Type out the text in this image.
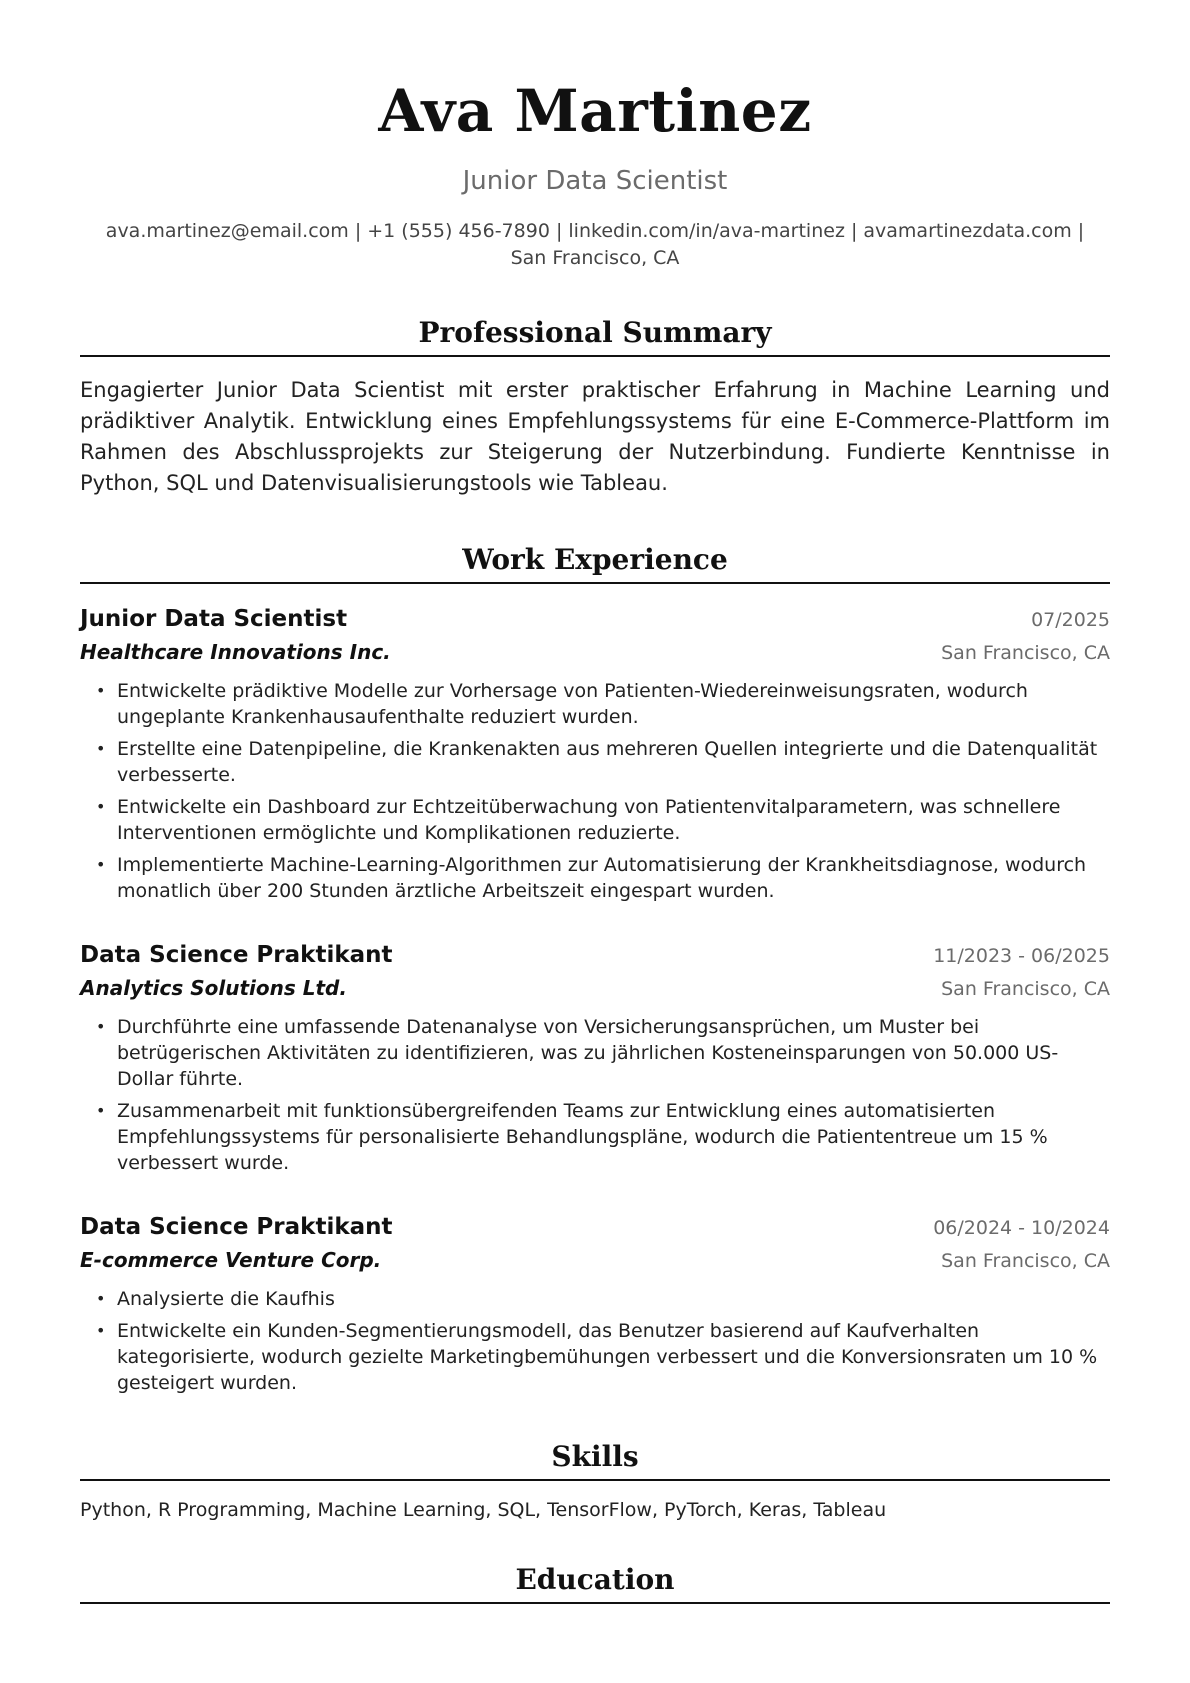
Ava Martinez
Junior Data Scientist
ava.martinez@email.com | +1 (555) 456-7890 | linkedin.com/in/ava-martinez | avamartinezdata.com | San Francisco, CA
Professional Summary
Engagierter Junior Data Scientist mit erster praktischer Erfahrung in Machine Learning und prädiktiver Analytik. Entwicklung eines Empfehlungssystems für eine E-Commerce-Plattform im Rahmen des Abschlussprojekts zur Steigerung der Nutzerbindung. Fundierte Kenntnisse in Python, SQL und Datenvisualisierungstools wie Tableau.
Work Experience
Junior Data Scientist	07/2025
Healthcare Innovations Inc.	San Francisco, CA
• Entwickelte prädiktive Modelle zur Vorhersage von Patienten-Wiedereinweisungsraten, wodurch ungeplante Krankenhausaufenthalte reduziert wurden.
• Erstellte eine Datenpipeline, die Krankenakten aus mehreren Quellen integrierte und die Datenqualität verbesserte.
• Entwickelte ein Dashboard zur Echtzeitüberwachung von Patientenvitalparametern, was schnellere Interventionen ermöglichte und Komplikationen reduzierte.
• Implementierte Machine-Learning-Algorithmen zur Automatisierung der Krankheitsdiagnose, wodurch monatlich über 200 Stunden ärztliche Arbeitszeit eingespart wurden.
Data Science Praktikant	11/2023 - 06/2025
Analytics Solutions Ltd.	San Francisco, CA
• Durchführte eine umfassende Datenanalyse von Versicherungsansprüchen, um Muster bei betrügerischen Aktivitäten zu identifizieren, was zu jährlichen Kosteneinsparungen von 50.000 US-Dollar führte.
• Zusammenarbeit mit funktionsübergreifenden Teams zur Entwicklung eines automatisierten Empfehlungssystems für personalisierte Behandlungspläne, wodurch die Patiententreue um 15 % verbessert wurde.
Data Science Praktikant	06/2024 - 10/2024
E-commerce Venture Corp.	San Francisco, CA
• Analysierte die Kaufhis
• Entwickelte ein Kunden-Segmentierungsmodell, das Benutzer basierend auf Kaufverhalten kategorisierte, wodurch gezielte Marketingbemühungen verbessert und die Konversionsraten um 10 % gesteigert wurden.
Skills
Python, R Programming, Machine Learning, SQL, TensorFlow, PyTorch, Keras, Tableau
Education
